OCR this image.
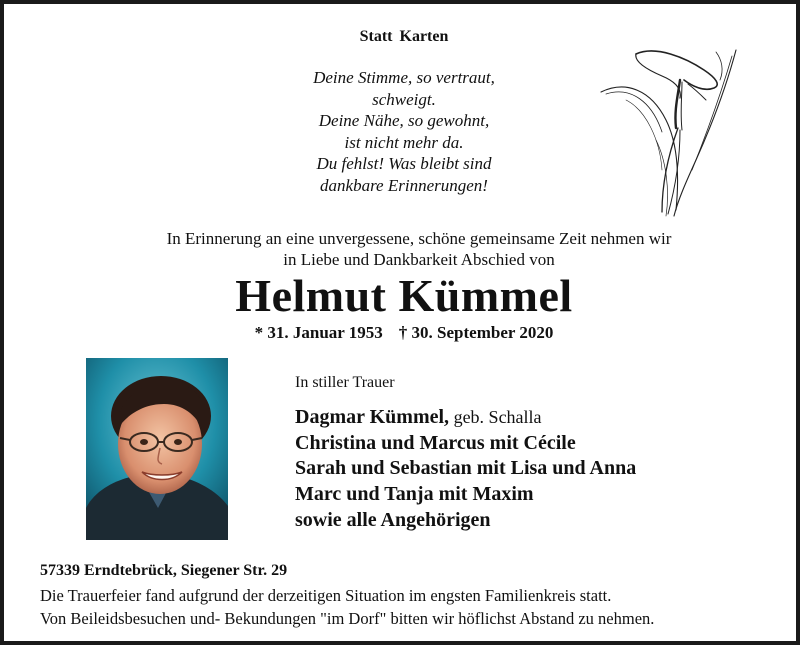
Statt Karten
Deine Stimme, so vertraut,
schweigt.
Deine Nähe, so gewohnt,
ist nicht mehr da.
Du fehlst! Was bleibt sind
dankbare Erinnerungen!
In Erinnerung an eine unvergessene, schöne gemeinsame Zeit nehmen wir
in Liebe und Dankbarkeit Abschied von
Helmut Kümmel
* 31. Januar 1953 † 30. September 2020
In stiller Trauer
Dagmar Kümmel, geb. Schalla
Christina und Marcus mit Cécile
Sarah und Sebastian mit Lisa und Anna
Marc und Tanja mit Maxim
sowie alle Angehörigen
57339 Erndtebrück, Siegener Str. 29
Die Trauerfeier fand aufgrund der derzeitigen Situation im engsten Familienkreis statt.
Von Beileidsbesuchen und- Bekundungen "im Dorf" bitten wir höflichst Abstand zu nehmen.
